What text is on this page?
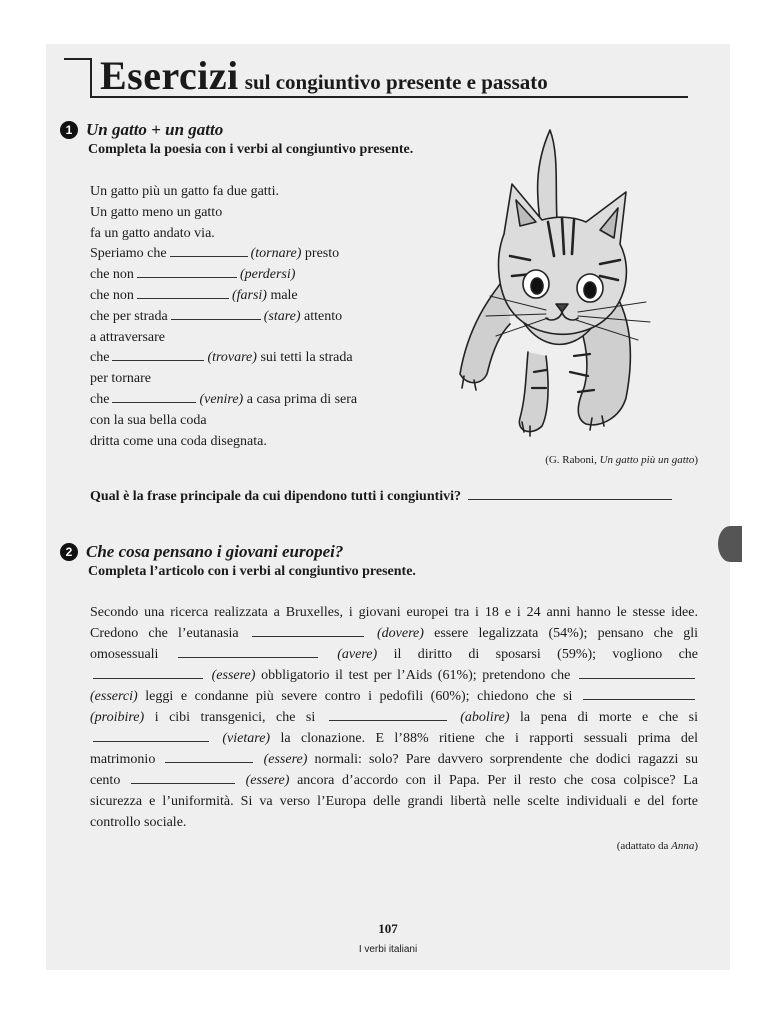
Esercizi sul congiuntivo presente e passato
1 Un gatto + un gatto
Completa la poesia con i verbi al congiuntivo presente.
Un gatto più un gatto fa due gatti.
Un gatto meno un gatto
fa un gatto andato via.
Speriamo che	(tornare) presto
che non	(perdersi)
che non	(farsi) male
che per strada	(stare) attento
a attraversare
che	(trovare) sui tetti la strada
per tornare
che	(venire) a casa prima di sera
con la sua bella coda
dritta come una coda disegnata.
(G. Raboni, Un gatto più un gatto)
Qual è la frase principale da cui dipendono tutti i congiuntivi?
2 Che cosa pensano i giovani europei?
Completa l’articolo con i verbi al congiuntivo presente.
Secondo una ricerca realizzata a Bruxelles, i giovani europei tra i 18 e i 24 anni hanno le stesse idee.
Credono che l’eutanasia	(dovere) essere legalizzata (54%); pensano che gli
omosessuali	(avere) il diritto di sposarsi (59%); vogliono che
(essere) obbligatorio il test per l’Aids (61%); pretendono che
(esserci) leggi e condanne più severe contro i pedofili (60%); chiedono che si
(proibire) i cibi transgenici, che si	(abolire) la pena di morte e che si
(vietare) la clonazione. E l’88% ritiene che i rapporti sessuali prima del
matrimonio	(essere) normali: solo? Pare davvero sorprendente che dodici ragazzi su
cento	(essere) ancora d’accordo con il Papa. Per il resto che cosa colpisce? La
sicurezza e l’uniformità. Si va verso l’Europa delle grandi libertà nelle scelte individuali e del forte
controllo sociale.
(adattato da Anna)
107
I verbi italiani
